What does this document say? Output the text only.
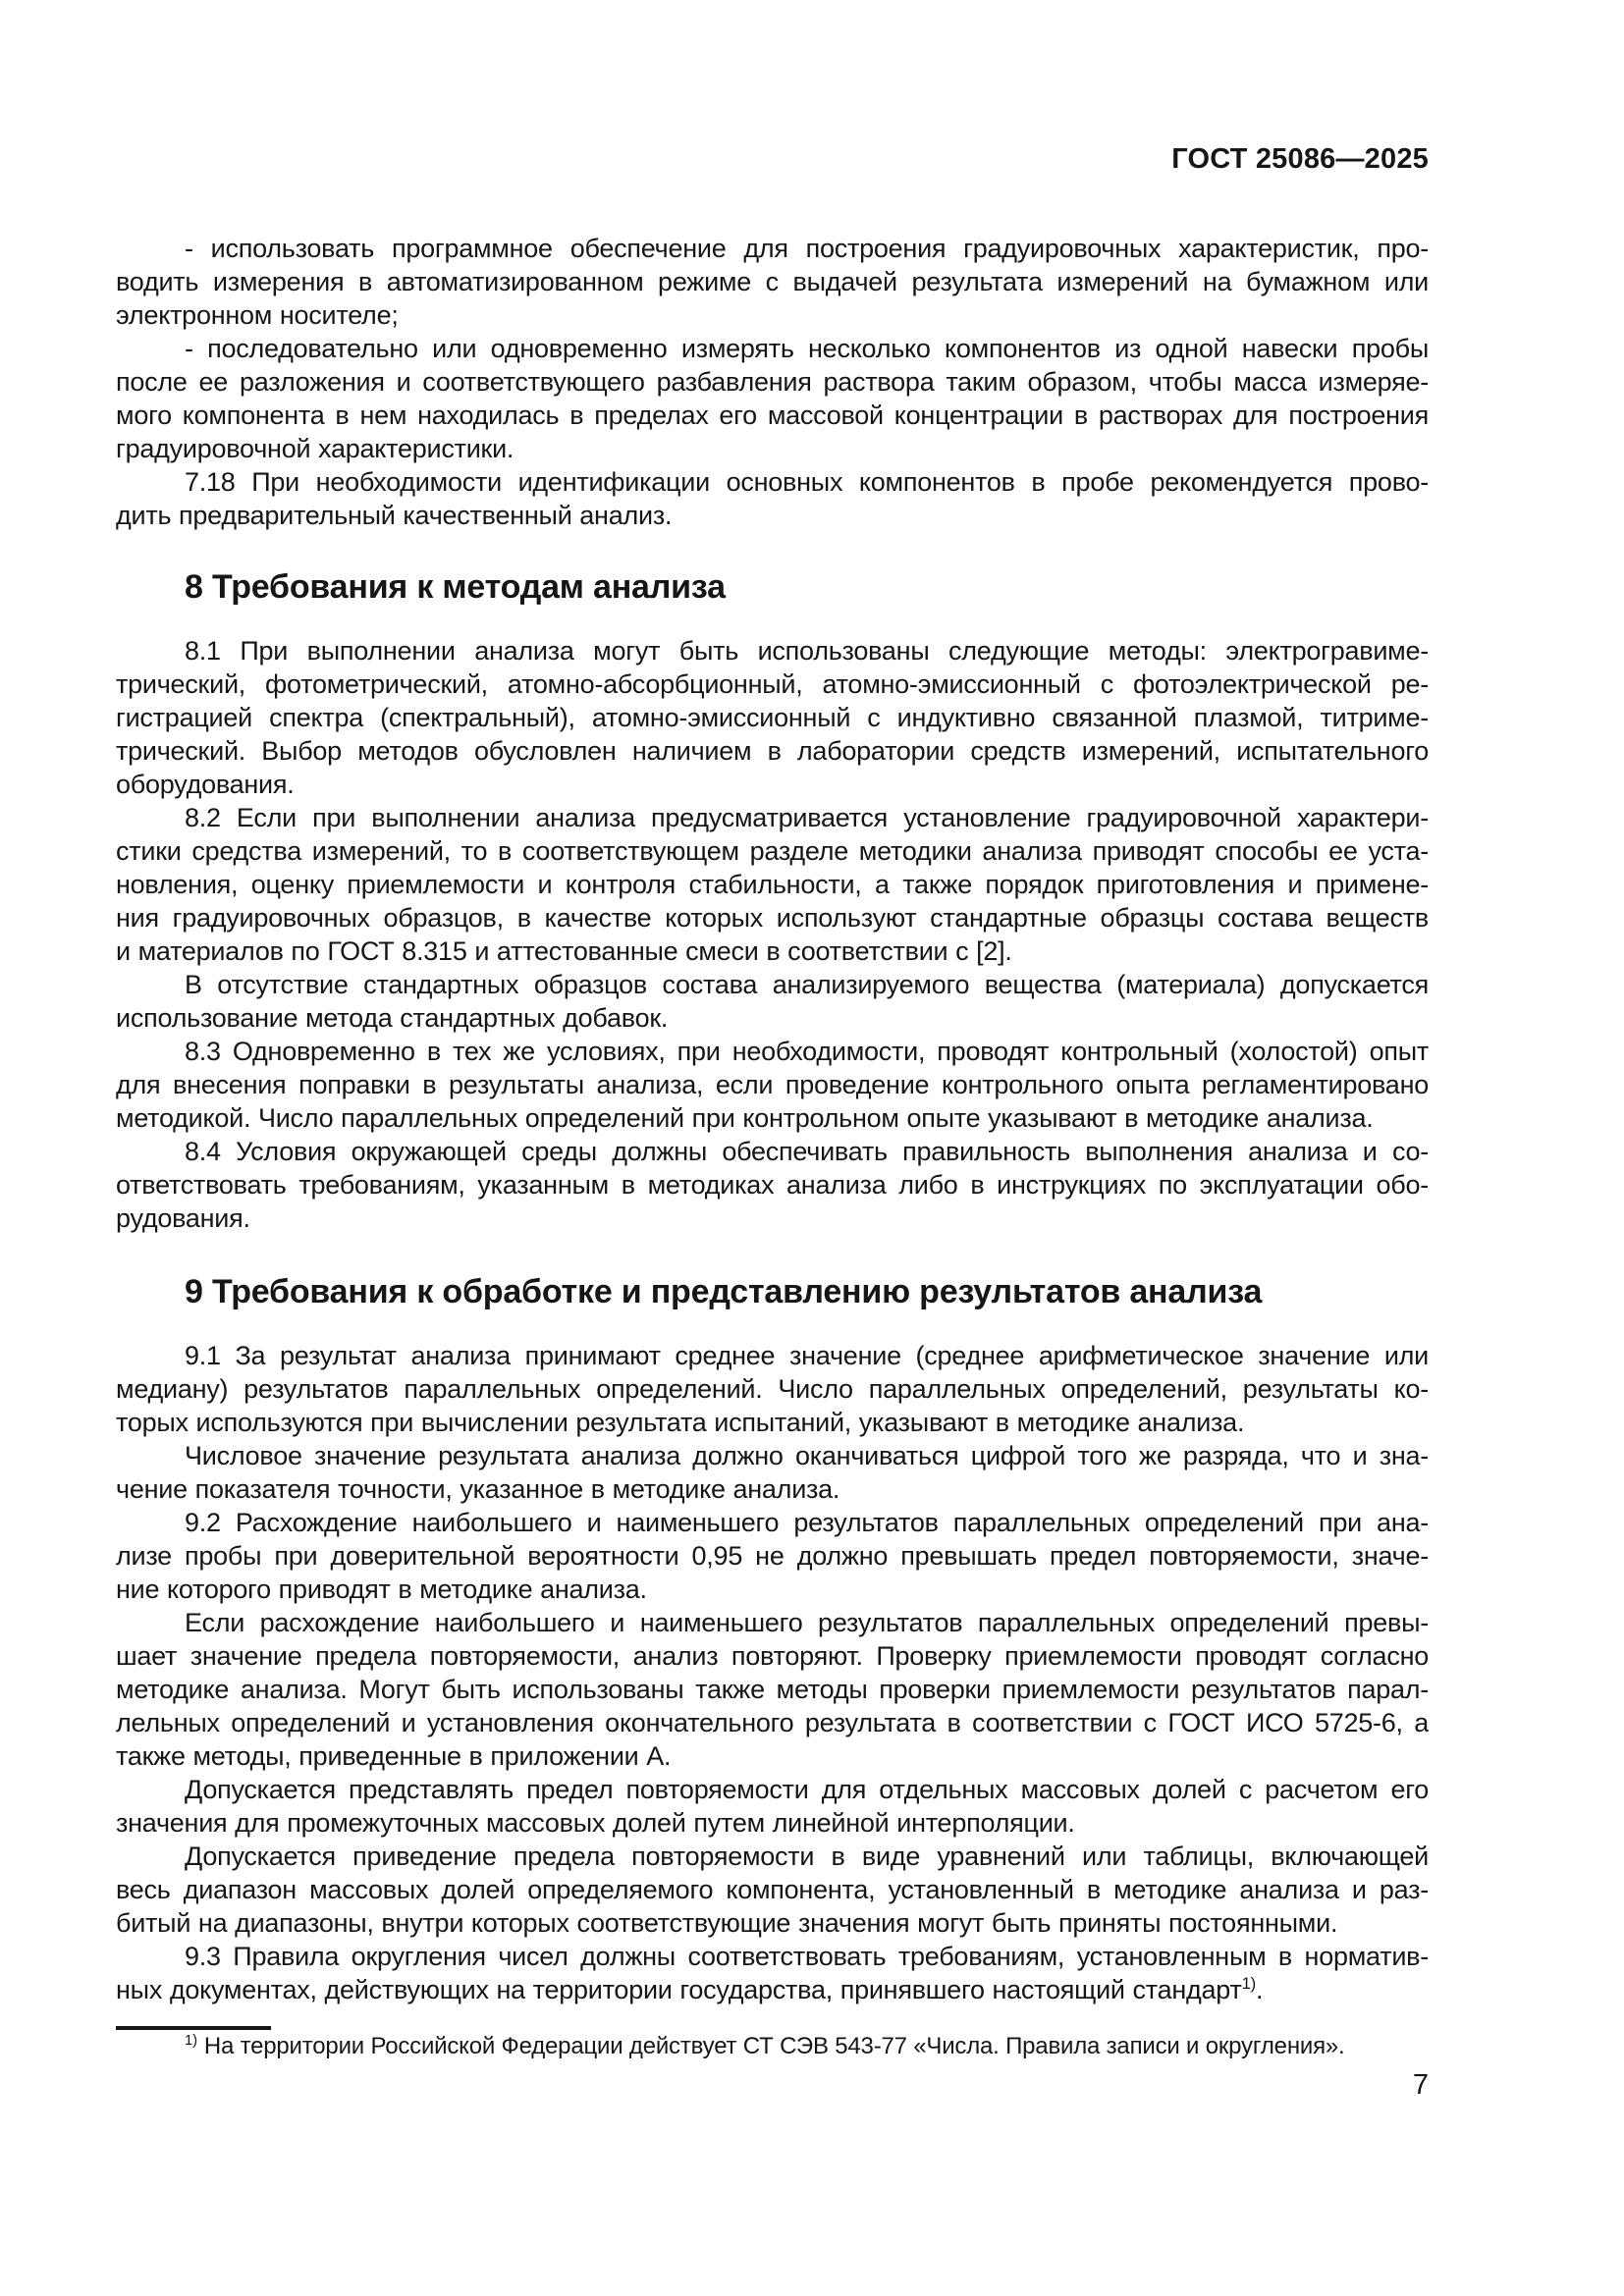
ГОСТ 25086—2025
- использовать программное обеспечение для построения градуировочных характеристик, про-
водить измерения в автоматизированном режиме с выдачей результата измерений на бумажном или
электронном носителе;
- последовательно или одновременно измерять несколько компонентов из одной навески пробы
после ее разложения и соответствующего разбавления раствора таким образом, чтобы масса измеряе-
мого компонента в нем находилась в пределах его массовой концентрации в растворах для построения
градуировочной характеристики.
7.18 При необходимости идентификации основных компонентов в пробе рекомендуется прово-
дить предварительный качественный анализ.
8 Требования к методам анализа
8.1 При выполнении анализа могут быть использованы следующие методы: электрогравиме-
трический, фотометрический, атомно-абсорбционный, атомно-эмиссионный с фотоэлектрической ре-
гистрацией спектра (спектральный), атомно-эмиссионный с индуктивно связанной плазмой, титриме-
трический. Выбор методов обусловлен наличием в лаборатории средств измерений, испытательного
оборудования.
8.2 Если при выполнении анализа предусматривается установление градуировочной характери-
стики средства измерений, то в соответствующем разделе методики анализа приводят способы ее уста-
новления, оценку приемлемости и контроля стабильности, а также порядок приготовления и примене-
ния градуировочных образцов, в качестве которых используют стандартные образцы состава веществ
и материалов по ГОСТ 8.315 и аттестованные смеси в соответствии с [2].
В отсутствие стандартных образцов состава анализируемого вещества (материала) допускается
использование метода стандартных добавок.
8.3 Одновременно в тех же условиях, при необходимости, проводят контрольный (холостой) опыт
для внесения поправки в результаты анализа, если проведение контрольного опыта регламентировано
методикой. Число параллельных определений при контрольном опыте указывают в методике анализа.
8.4 Условия окружающей среды должны обеспечивать правильность выполнения анализа и со-
ответствовать требованиям, указанным в методиках анализа либо в инструкциях по эксплуатации обо-
рудования.
9 Требования к обработке и представлению результатов анализа
9.1 За результат анализа принимают среднее значение (среднее арифметическое значение или
медиану) результатов параллельных определений. Число параллельных определений, результаты ко-
торых используются при вычислении результата испытаний, указывают в методике анализа.
Числовое значение результата анализа должно оканчиваться цифрой того же разряда, что и зна-
чение показателя точности, указанное в методике анализа.
9.2 Расхождение наибольшего и наименьшего результатов параллельных определений при ана-
лизе пробы при доверительной вероятности 0,95 не должно превышать предел повторяемости, значе-
ние которого приводят в методике анализа.
Если расхождение наибольшего и наименьшего результатов параллельных определений превы-
шает значение предела повторяемости, анализ повторяют. Проверку приемлемости проводят согласно
методике анализа. Могут быть использованы также методы проверки приемлемости результатов парал-
лельных определений и установления окончательного результата в соответствии с ГОСТ ИСО 5725-6, а
также методы, приведенные в приложении А.
Допускается представлять предел повторяемости для отдельных массовых долей с расчетом его
значения для промежуточных массовых долей путем линейной интерполяции.
Допускается приведение предела повторяемости в виде уравнений или таблицы, включающей
весь диапазон массовых долей определяемого компонента, установленный в методике анализа и раз-
битый на диапазоны, внутри которых соответствующие значения могут быть приняты постоянными.
9.3 Правила округления чисел должны соответствовать требованиям, установленным в норматив-
ных документах, действующих на территории государства, принявшего настоящий стандарт$^{1)}$.
$^{1)}$ На территории Российской Федерации действует СТ СЭВ 543-77 «Числа. Правила записи и округления».
7
